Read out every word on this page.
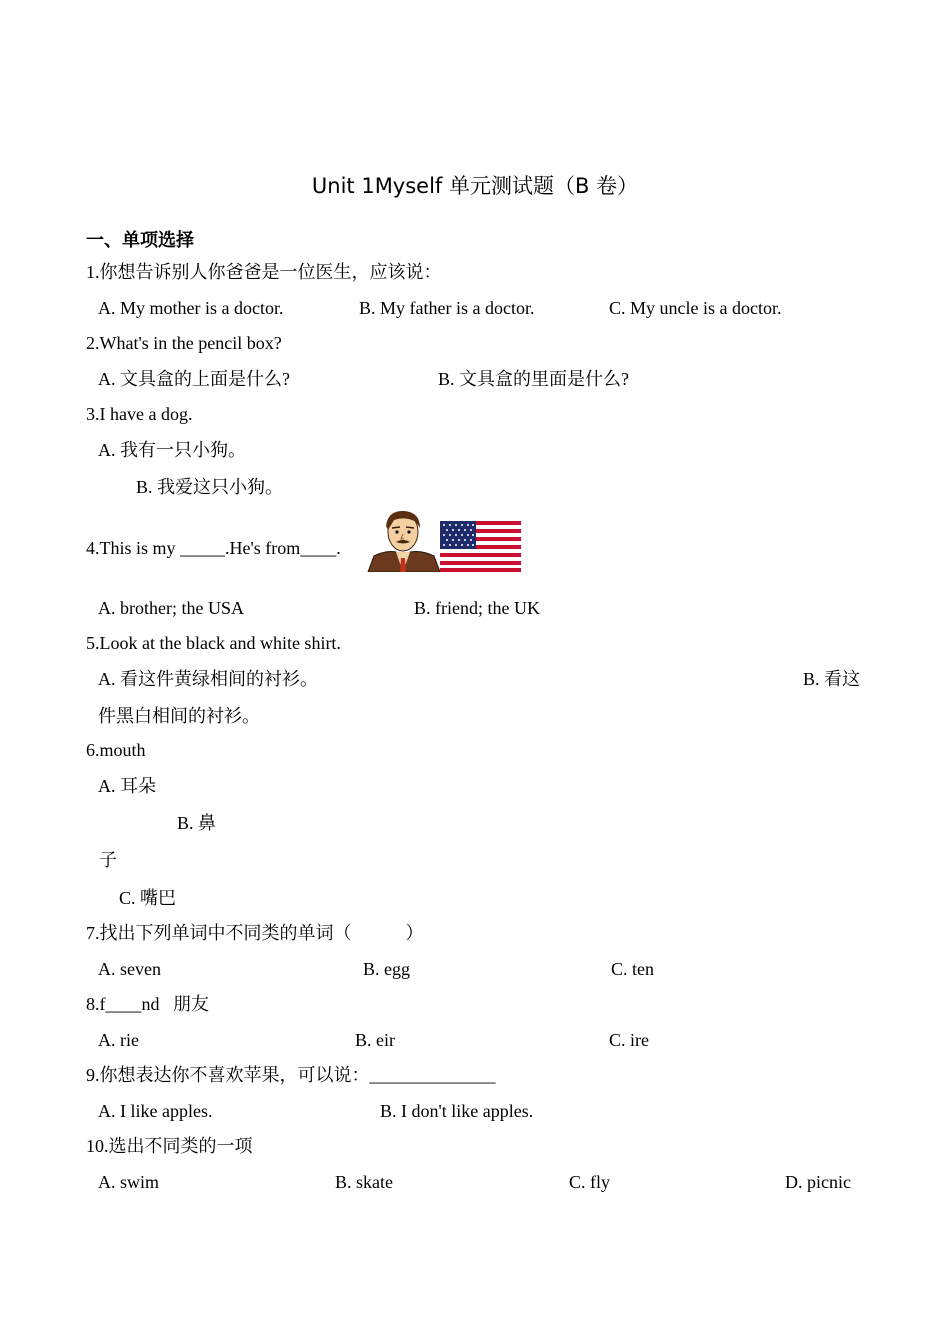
Unit 1Myself 单元测试题（B 卷）
一、单项选择
1.你想告诉别人你爸爸是一位医生，应该说：
A. My mother is a doctor.	B. My father is a doctor.	C. My uncle is a doctor.
2.What's in the pencil box?
A. 文具盒的上面是什么?	B. 文具盒的里面是什么?
3.I have a dog.
A. 我有一只小狗。
B. 我爱这只小狗。
4.This is my _____.He's from____.
A. brother; the USA	B. friend; the UK
5.Look at the black and white shirt.
A. 看这件黄绿相间的衬衫。	B. 看这
件黑白相间的衬衫。
6.mouth
A. 耳朵
B. 鼻
子
C. 嘴巴
7.找出下列单词中不同类的单词（　　　）
A. seven	B. egg	C. ten
8.f____nd   朋友
A. rie	B. eir	C. ire
9.你想表达你不喜欢苹果，可以说：______________
A. I like apples.	B. I don't like apples.
10.选出不同类的一项
A. swim	B. skate	C. fly	D. picnic
